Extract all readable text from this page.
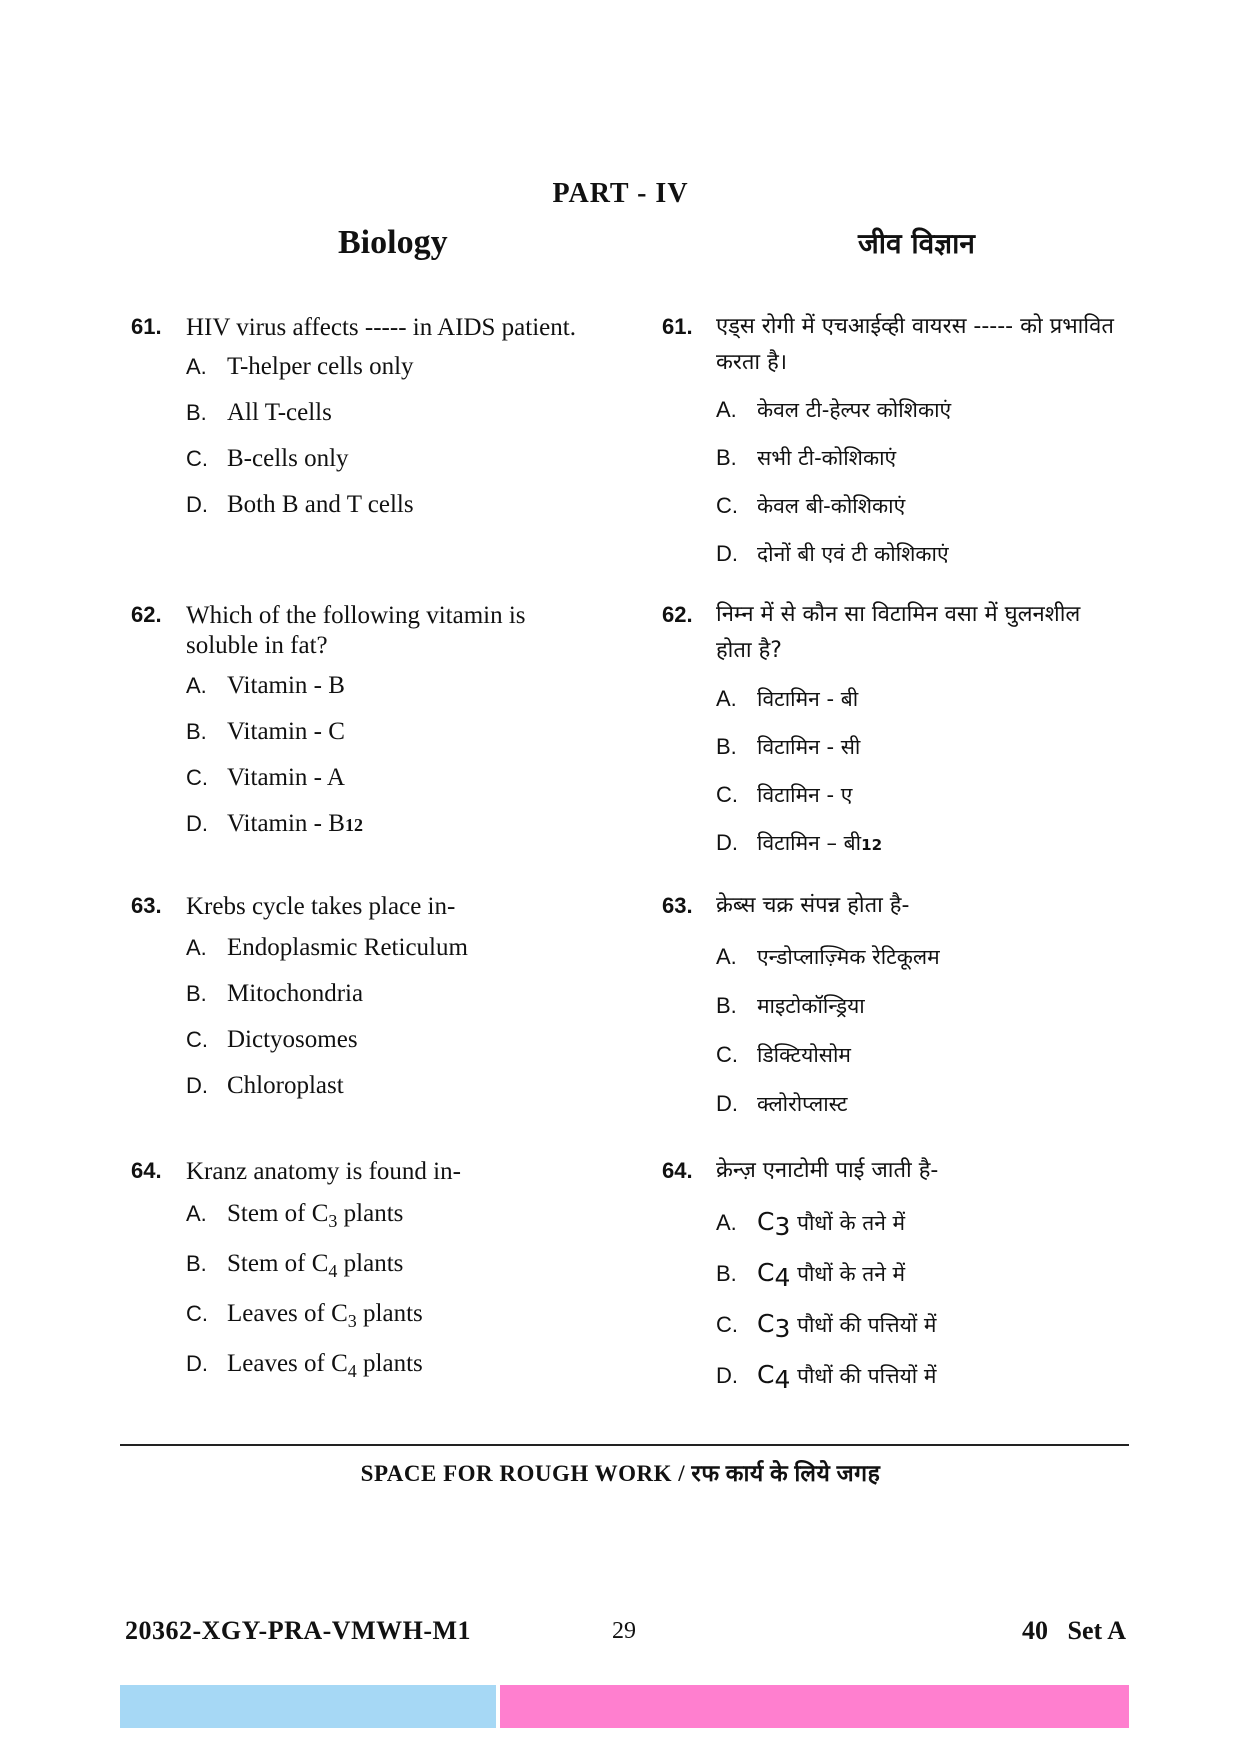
PART - IV
Biology	जीव विज्ञान
61. HIV virus affects ----- in AIDS patient.
A. T-helper cells only
B. All T-cells
C. B-cells only
D. Both B and T cells
62. Which of the following vitamin is
soluble in fat?
A. Vitamin - B
B. Vitamin - C
C. Vitamin - A
D. Vitamin - B12
63. Krebs cycle takes place in-
A. Endoplasmic Reticulum
B. Mitochondria
C. Dictyosomes
D. Chloroplast
64. Kranz anatomy is found in-
A. Stem of $C_3$ plants
B. Stem of $C_4$ plants
C. Leaves of $C_3$ plants
D. Leaves of $C_4$ plants
61. एड्स रोगी में एचआईव्ही वायरस ----- को प्रभावित
करता है।
A. केवल टी-हेल्पर कोशिकाएं
B. सभी टी-कोशिकाएं
C. केवल बी-कोशिकाएं
D. दोनों बी एवं टी कोशिकाएं
62. निम्न में से कौन सा विटामिन वसा में घुलनशील
होता है?
A. विटामिन - बी
B. विटामिन - सी
C. विटामिन - ए
D. विटामिन – बी12
63. क्रेब्स चक्र संपन्न होता है-
A. एन्डोप्लाज़्मिक रेटिकूलम
B. माइटोकॉन्ड्रिया
C. डिक्टियोसोम
D. क्लोरोप्लास्ट
64. क्रेन्ज़ एनाटोमी पाई जाती है-
A. $C_3$ पौधों के तने में
B. $C_4$ पौधों के तने में
C. $C_3$ पौधों की पत्तियों में
D. $C_4$ पौधों की पत्तियों में
SPACE FOR ROUGH WORK / रफ कार्य के लिये जगह
20362-XGY-PRA-VMWH-M1	29	40   Set A
